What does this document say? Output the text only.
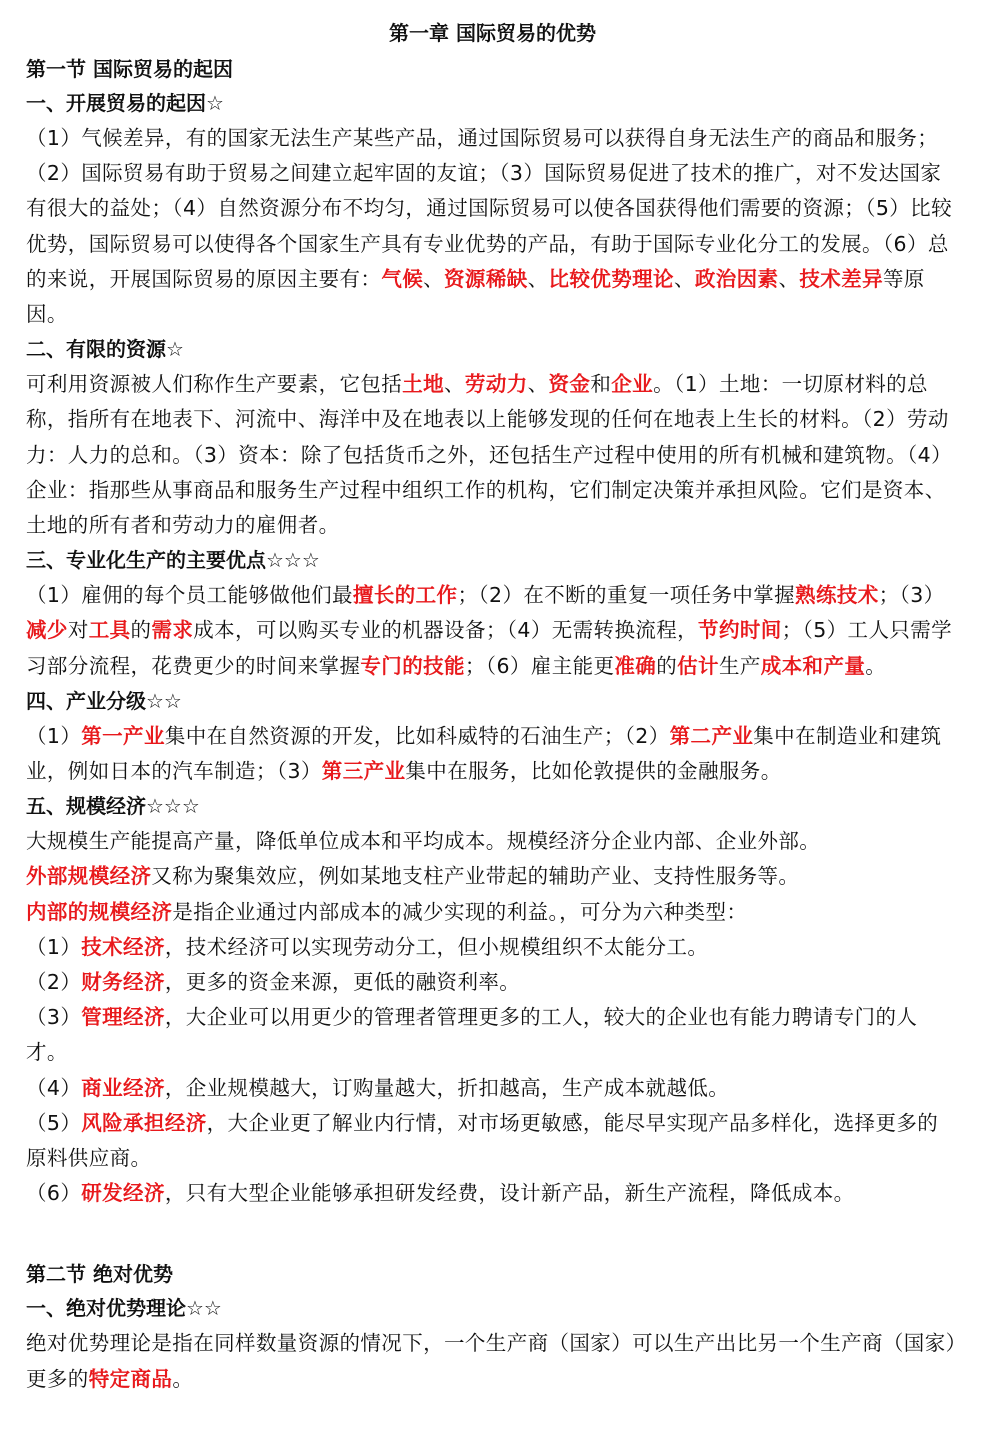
第一章 国际贸易的优势
第一节 国际贸易的起因
一、开展贸易的起因☆

（1）气候差异，有的国家无法生产某些产品，通过国际贸易可以获得自身无法生产的商品和服务；（2）国际贸易有助于贸易之间建立起牢固的友谊；（3）国际贸易促进了技术的推广，对不发达国家有很大的益处；（4）自然资源分布不均匀，通过国际贸易可以使各国获得他们需要的资源；（5）比较优势，国际贸易可以使得各个国家生产具有专业优势的产品，有助于国际专业化分工的发展。（6）总的来说，开展国际贸易的原因主要有：气候、资源稀缺、比较优势理论、政治因素、技术差异等原因。

二、有限的资源☆

可利用资源被人们称作生产要素，它包括土地、劳动力、资金和企业。（1）土地：一切原材料的总称，指所有在地表下、河流中、海洋中及在地表以上能够发现的任何在地表上生长的材料。（2）劳动力：人力的总和。（3）资本：除了包括货币之外，还包括生产过程中使用的所有机械和建筑物。（4）企业：指那些从事商品和服务生产过程中组织工作的机构，它们制定决策并承担风险。它们是资本、土地的所有者和劳动力的雇佣者。

三、专业化生产的主要优点☆☆☆

（1）雇佣的每个员工能够做他们最擅长的工作；（2）在不断的重复一项任务中掌握熟练技术；（3）减少对工具的需求成本，可以购买专业的机器设备；（4）无需转换流程，节约时间；（5）工人只需学习部分流程，花费更少的时间来掌握专门的技能；（6）雇主能更准确的估计生产成本和产量。

四、产业分级☆☆

（1）第一产业集中在自然资源的开发，比如科威特的石油生产；（2）第二产业集中在制造业和建筑业，例如日本的汽车制造；（3）第三产业集中在服务，比如伦敦提供的金融服务。

五、规模经济☆☆☆

大规模生产能提高产量，降低单位成本和平均成本。规模经济分企业内部、企业外部。

外部规模经济又称为聚集效应，例如某地支柱产业带起的辅助产业、支持性服务等。

内部的规模经济是指企业通过内部成本的减少实现的利益。，可分为六种类型：

（1）技术经济，技术经济可以实现劳动分工，但小规模组织不太能分工。

（2）财务经济，更多的资金来源，更低的融资利率。

（3）管理经济，大企业可以用更少的管理者管理更多的工人，较大的企业也有能力聘请专门的人才。

（4）商业经济，企业规模越大，订购量越大，折扣越高，生产成本就越低。

（5）风险承担经济，大企业更了解业内行情，对市场更敏感，能尽早实现产品多样化，选择更多的原料供应商。

（6）研发经济，只有大型企业能够承担研发经费，设计新产品，新生产流程，降低成本。

第二节 绝对优势
一、绝对优势理论☆☆

绝对优势理论是指在同样数量资源的情况下，一个生产商（国家）可以生产出比另一个生产商（国家）更多的特定商品。
